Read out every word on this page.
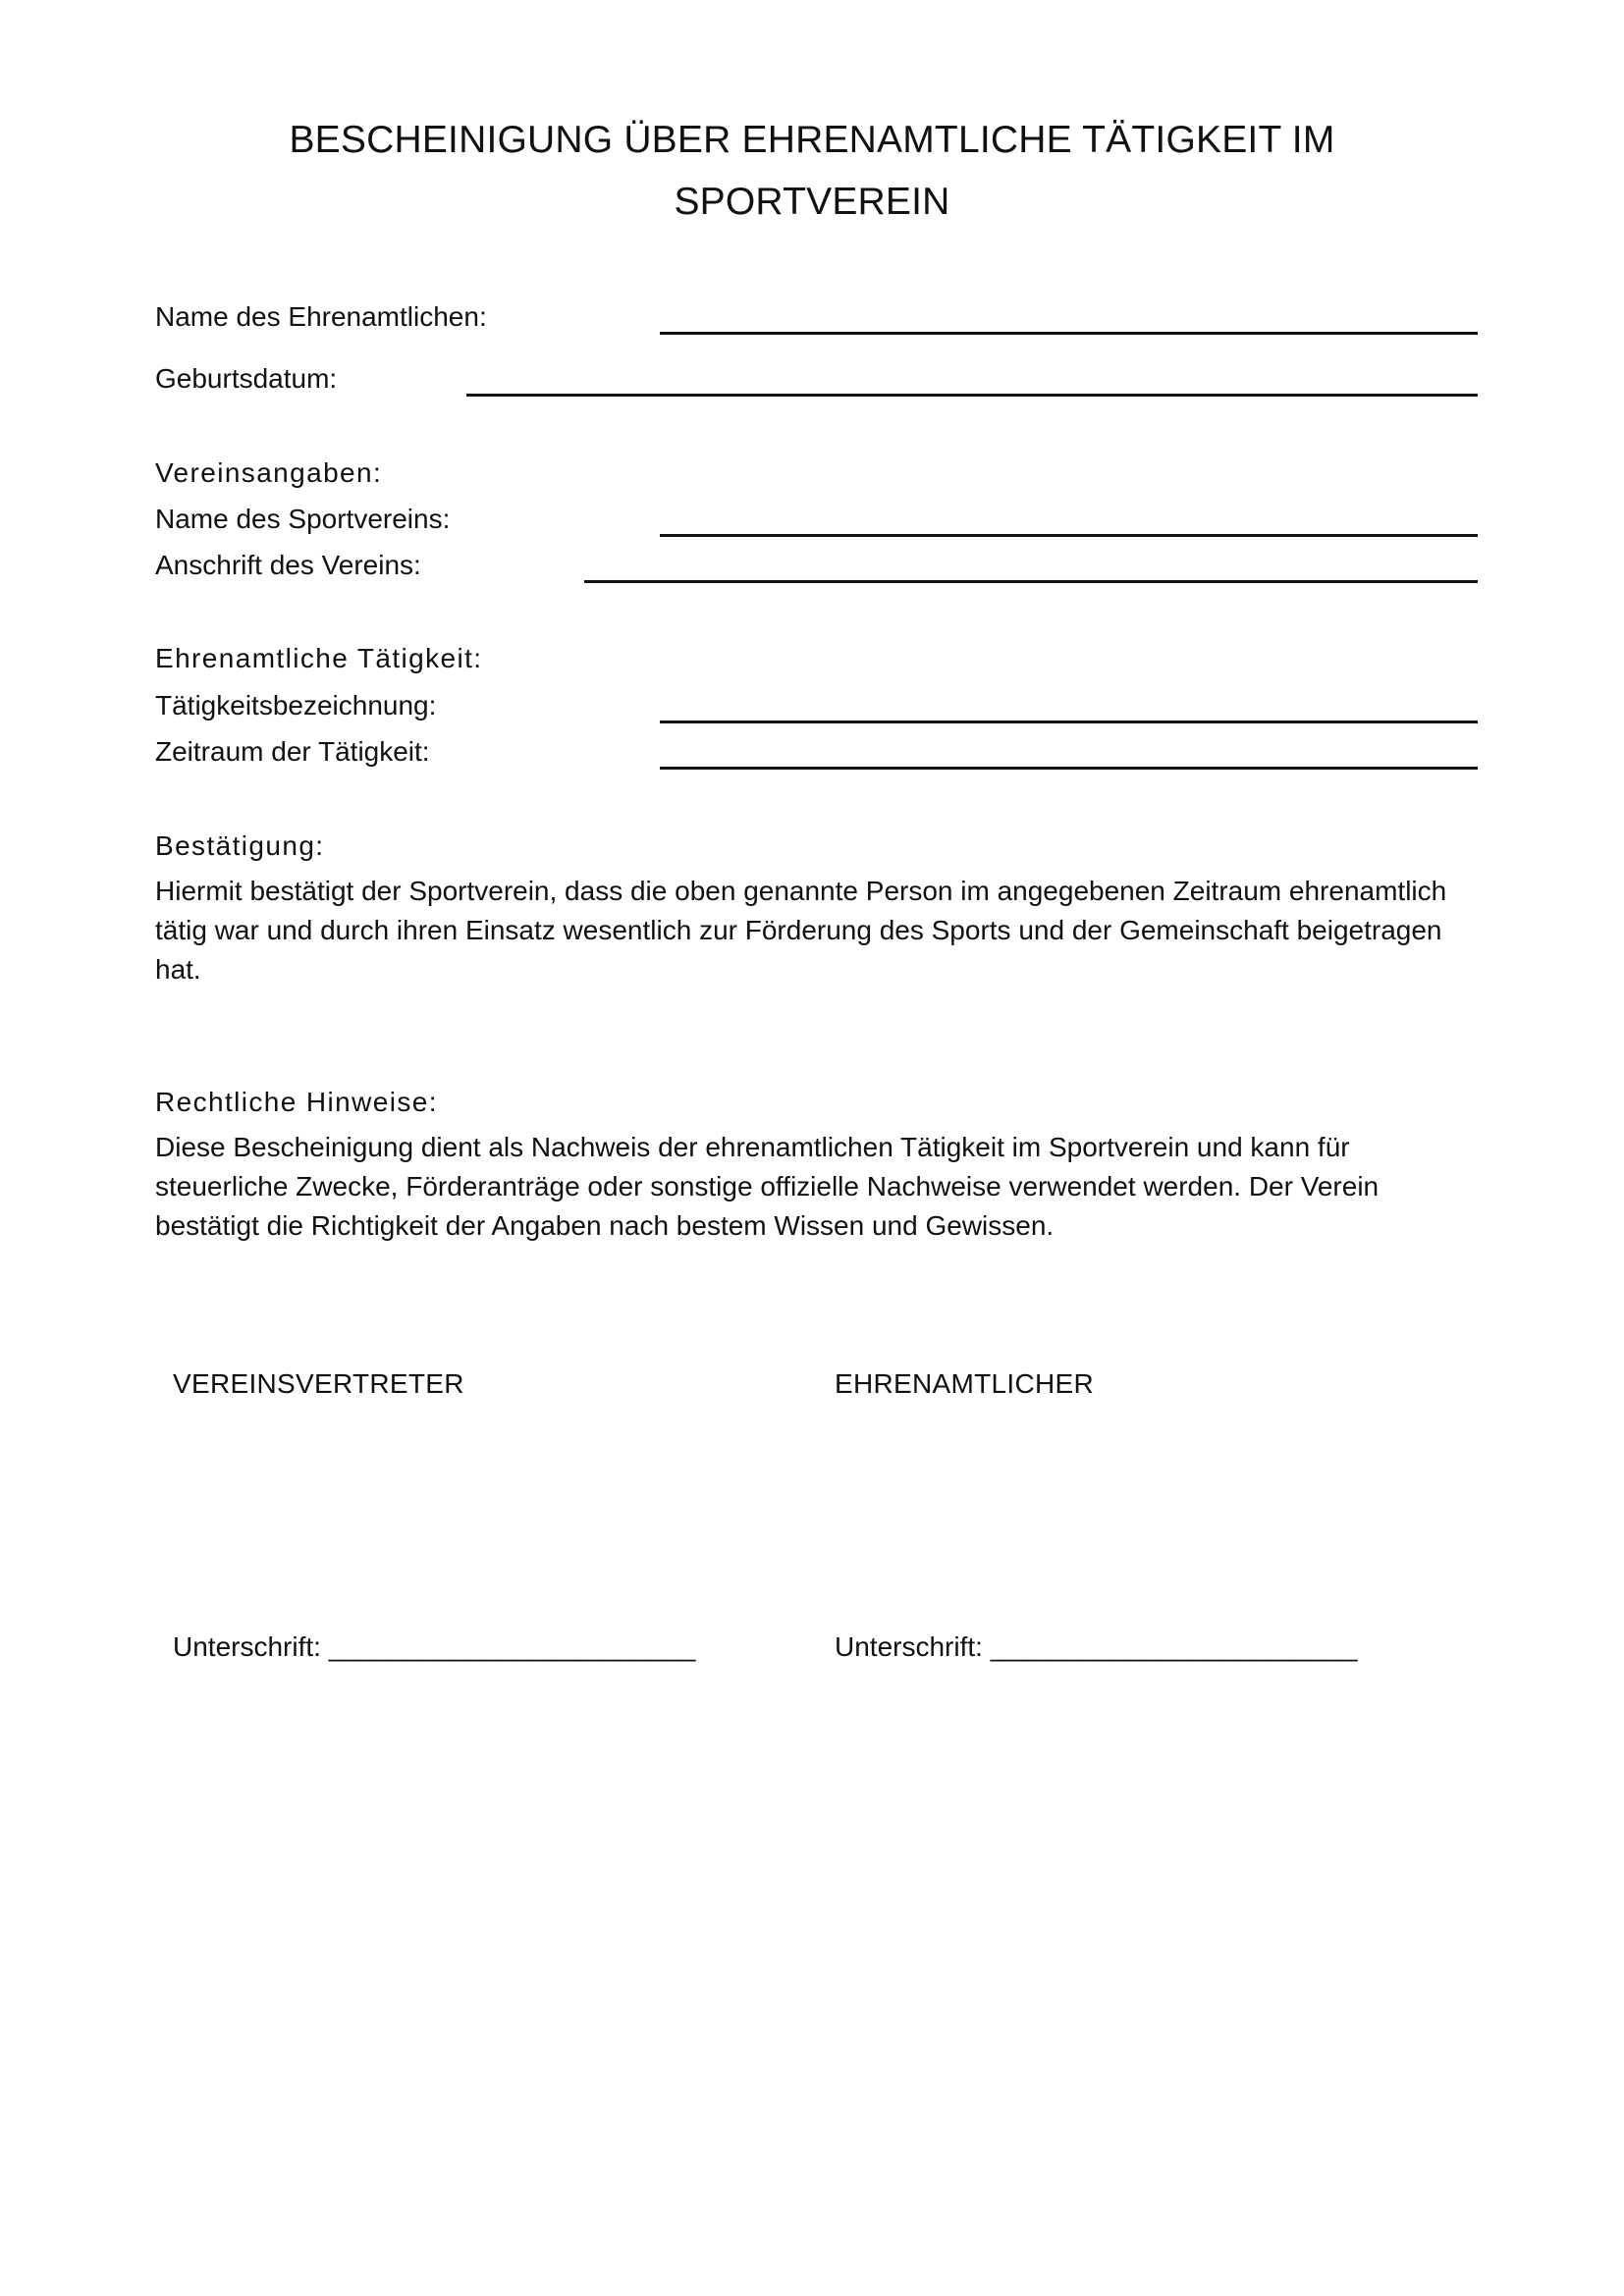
BESCHEINIGUNG ÜBER EHRENAMTLICHE TÄTIGKEIT IM
SPORTVEREIN
Name des Ehrenamtlichen:
Geburtsdatum:
Vereinsangaben:
Name des Sportvereins:
Anschrift des Vereins:
Ehrenamtliche Tätigkeit:
Tätigkeitsbezeichnung:
Zeitraum der Tätigkeit:
Bestätigung:
Hiermit bestätigt der Sportverein, dass die oben genannte Person im angegebenen Zeitraum ehrenamtlich
tätig war und durch ihren Einsatz wesentlich zur Förderung des Sports und der Gemeinschaft beigetragen
hat.
Rechtliche Hinweise:
Diese Bescheinigung dient als Nachweis der ehrenamtlichen Tätigkeit im Sportverein und kann für
steuerliche Zwecke, Förderanträge oder sonstige offizielle Nachweise verwendet werden. Der Verein
bestätigt die Richtigkeit der Angaben nach bestem Wissen und Gewissen.
VEREINSVERTRETER	EHRENAMTLICHER
Unterschrift: ________________________	Unterschrift: ________________________
